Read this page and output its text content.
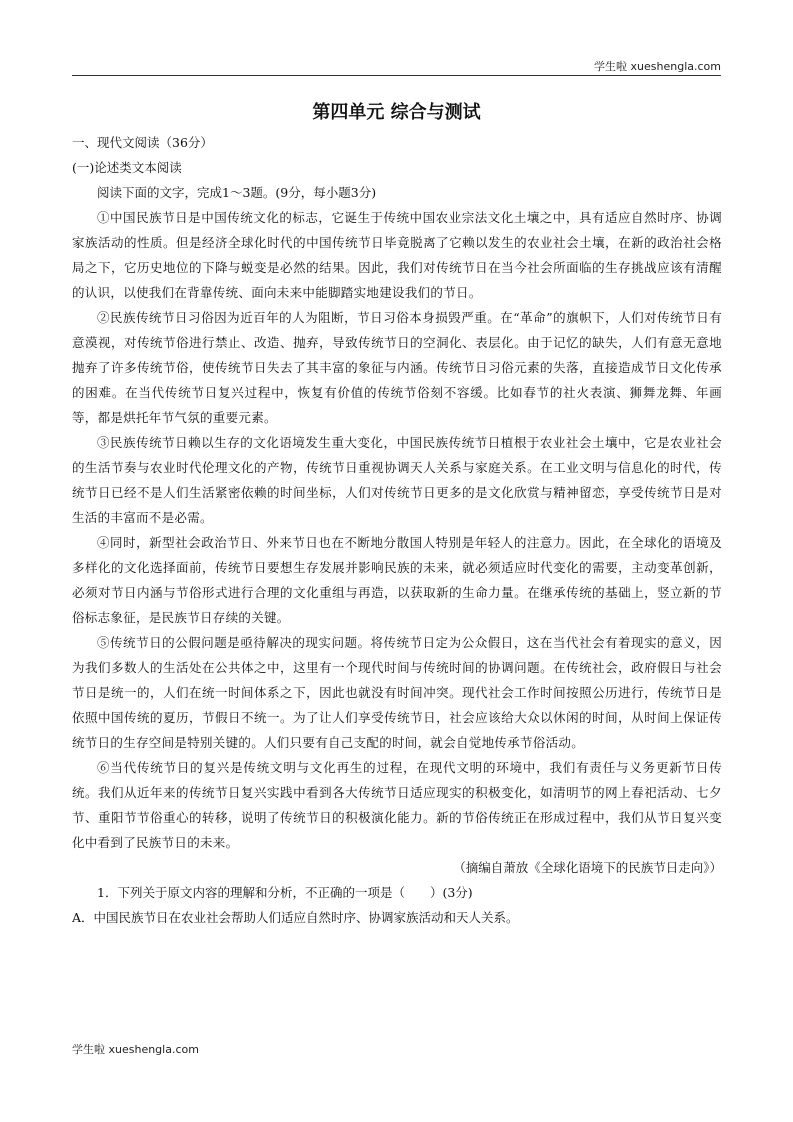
学生啦 xueshengla.com
第四单元 综合与测试

一、现代文阅读（36分）

(一)论述类文本阅读

阅读下面的文字，完成1～3题。(9分，每小题3分)

①中国民族节日是中国传统文化的标志，它诞生于传统中国农业宗法文化土壤之中，具有适应自然时序、协调家族活动的性质。但是经济全球化时代的中国传统节日毕竟脱离了它赖以发生的农业社会土壤，在新的政治社会格局之下，它历史地位的下降与蜕变是必然的结果。因此，我们对传统节日在当今社会所面临的生存挑战应该有清醒的认识，以使我们在背靠传统、面向未来中能脚踏实地建设我们的节日。

②民族传统节日习俗因为近百年的人为阻断，节日习俗本身损毁严重。在“革命”的旗帜下，人们对传统节日有意漠视，对传统节俗进行禁止、改造、抛弃，导致传统节日的空洞化、表层化。由于记忆的缺失，人们有意无意地抛弃了许多传统节俗，使传统节日失去了其丰富的象征与内涵。传统节日习俗元素的失落，直接造成节日文化传承的困难。在当代传统节日复兴过程中，恢复有价值的传统节俗刻不容缓。比如春节的社火表演、狮舞龙舞、年画等，都是烘托年节气氛的重要元素。

③民族传统节日赖以生存的文化语境发生重大变化，中国民族传统节日植根于农业社会土壤中，它是农业社会的生活节奏与农业时代伦理文化的产物，传统节日重视协调天人关系与家庭关系。在工业文明与信息化的时代，传统节日已经不是人们生活紧密依赖的时间坐标，人们对传统节日更多的是文化欣赏与精神留恋，享受传统节日是对生活的丰富而不是必需。

④同时，新型社会政治节日、外来节日也在不断地分散国人特别是年轻人的注意力。因此，在全球化的语境及多样化的文化选择面前，传统节日要想生存发展并影响民族的未来，就必须适应时代变化的需要，主动变革创新，必须对节日内涵与节俗形式进行合理的文化重组与再造，以获取新的生命力量。在继承传统的基础上，竖立新的节俗标志象征，是民族节日存续的关键。

⑤传统节日的公假问题是亟待解决的现实问题。将传统节日定为公众假日，这在当代社会有着现实的意义，因为我们多数人的生活处在公共体之中，这里有一个现代时间与传统时间的协调问题。在传统社会，政府假日与社会节日是统一的，人们在统一时间体系之下，因此也就没有时间冲突。现代社会工作时间按照公历进行，传统节日是依照中国传统的夏历，节假日不统一。为了让人们享受传统节日，社会应该给大众以休闲的时间，从时间上保证传统节日的生存空间是特别关键的。人们只要有自己支配的时间，就会自觉地传承节俗活动。

⑥当代传统节日的复兴是传统文明与文化再生的过程，在现代文明的环境中，我们有责任与义务更新节日传统。我们从近年来的传统节日复兴实践中看到各大传统节日适应现实的积极变化，如清明节的网上春祀活动、七夕节、重阳节节俗重心的转移，说明了传统节日的积极演化能力。新的节俗传统正在形成过程中，我们从节日复兴变化中看到了民族节日的未来。

（摘编自萧放《全球化语境下的民族节日走向》）

1．下列关于原文内容的理解和分析，不正确的一项是（　　）(3分)

A．中国民族节日在农业社会帮助人们适应自然时序、协调家族活动和天人关系。

学生啦 xueshengla.com
